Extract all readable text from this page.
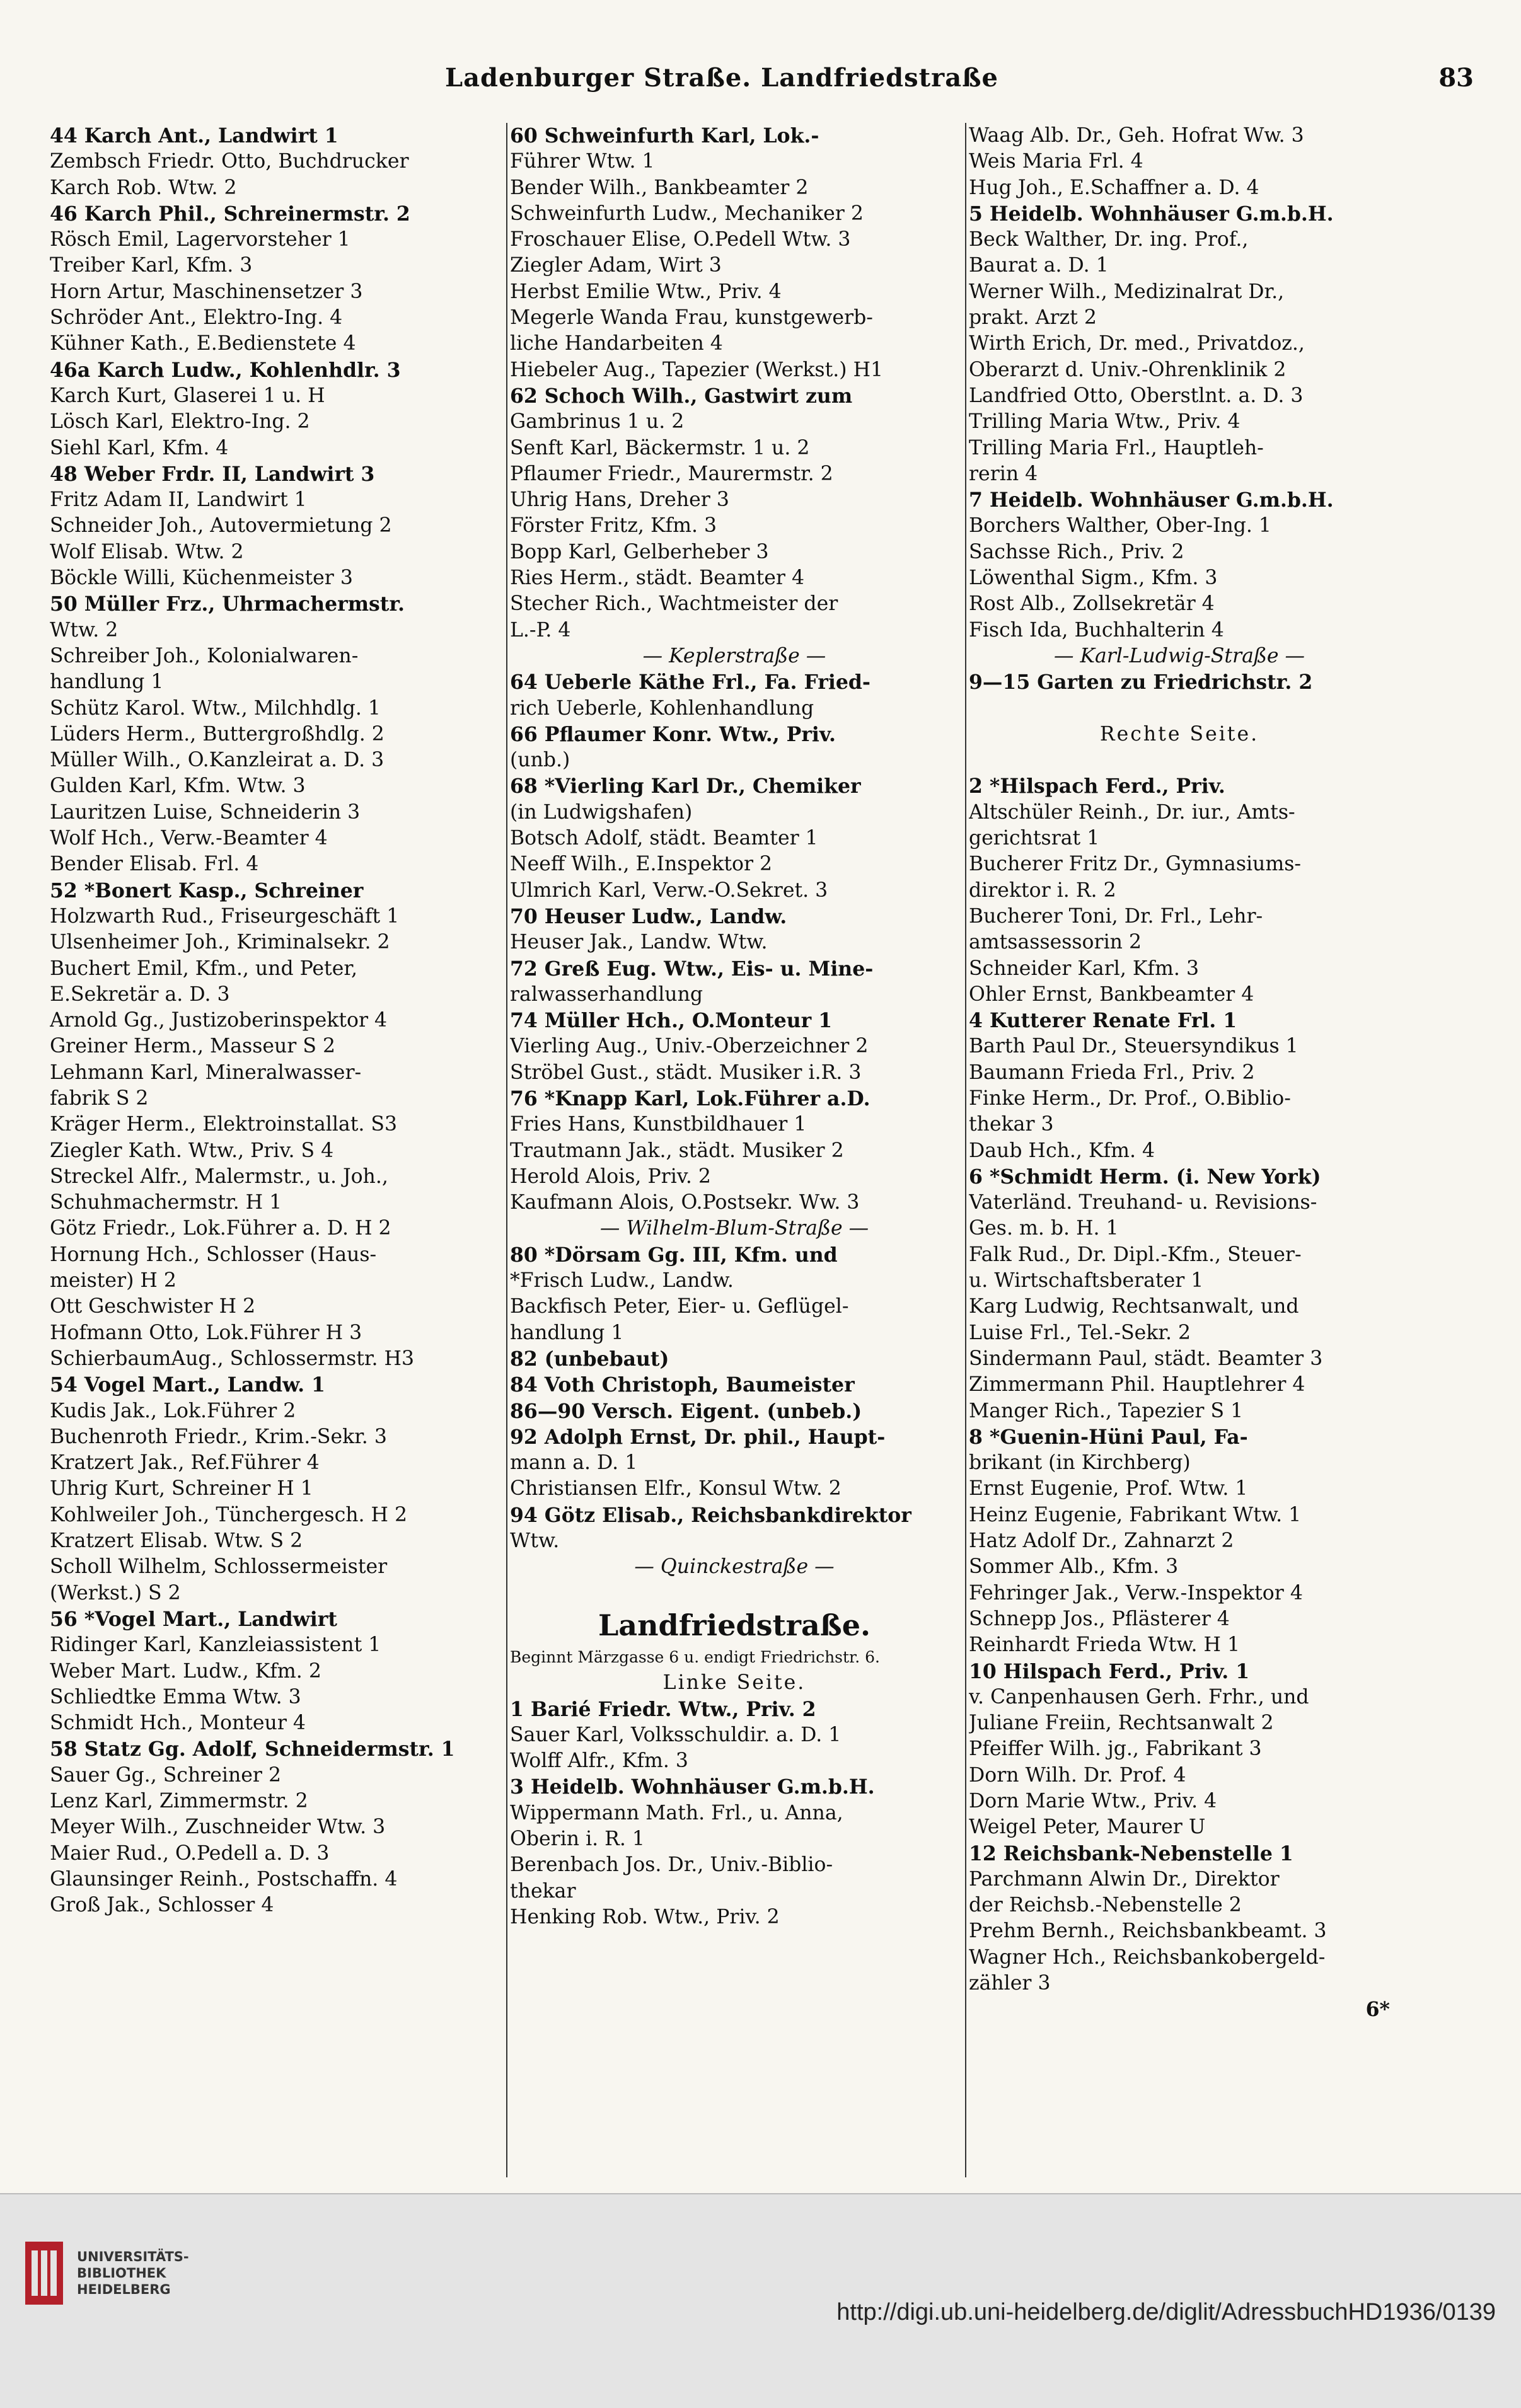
Ladenburger Straße. Landfriedstraße	83
44 Karch Ant., Landwirt 1
Zembsch Friedr. Otto, Buchdrucker
Karch Rob. Wtw. 2
46 Karch Phil., Schreinermstr. 2
Rösch Emil, Lagervorsteher 1
Treiber Karl, Kfm. 3
Horn Artur, Maschinensetzer 3
Schröder Ant., Elektro-Ing. 4
Kühner Kath., E.Bedienstete 4
46a Karch Ludw., Kohlenhdlr. 3
Karch Kurt, Glaserei 1 u. H
Lösch Karl, Elektro-Ing. 2
Siehl Karl, Kfm. 4
48 Weber Frdr. II, Landwirt 3
Fritz Adam II, Landwirt 1
Schneider Joh., Autovermietung 2
Wolf Elisab. Wtw. 2
Böckle Willi, Küchenmeister 3
50 Müller Frz., Uhrmachermstr.
Wtw. 2
Schreiber Joh., Kolonialwaren-
handlung 1
Schütz Karol. Wtw., Milchhdlg. 1
Lüders Herm., Buttergroßhdlg. 2
Müller Wilh., O.Kanzleirat a. D. 3
Gulden Karl, Kfm. Wtw. 3
Lauritzen Luise, Schneiderin 3
Wolf Hch., Verw.-Beamter 4
Bender Elisab. Frl. 4
52 *Bonert Kasp., Schreiner
Holzwarth Rud., Friseurgeschäft 1
Ulsenheimer Joh., Kriminalsekr. 2
Buchert Emil, Kfm., und Peter,
E.Sekretär a. D. 3
Arnold Gg., Justizoberinspektor 4
Greiner Herm., Masseur S 2
Lehmann Karl, Mineralwasser-
fabrik S 2
Kräger Herm., Elektroinstallat. S3
Ziegler Kath. Wtw., Priv. S 4
Streckel Alfr., Malermstr., u. Joh.,
Schuhmachermstr. H 1
Götz Friedr., Lok.Führer a. D. H 2
Hornung Hch., Schlosser (Haus-
meister) H 2
Ott Geschwister H 2
Hofmann Otto, Lok.Führer H 3
SchierbaumAug., Schlossermstr. H3
54 Vogel Mart., Landw. 1
Kudis Jak., Lok.Führer 2
Buchenroth Friedr., Krim.-Sekr. 3
Kratzert Jak., Ref.Führer 4
Uhrig Kurt, Schreiner H 1
Kohlweiler Joh., Tünchergesch. H 2
Kratzert Elisab. Wtw. S 2
Scholl Wilhelm, Schlossermeister
(Werkst.) S 2
56 *Vogel Mart., Landwirt
Ridinger Karl, Kanzleiassistent 1
Weber Mart. Ludw., Kfm. 2
Schliedtke Emma Wtw. 3
Schmidt Hch., Monteur 4
58 Statz Gg. Adolf, Schneidermstr. 1
Sauer Gg., Schreiner 2
Lenz Karl, Zimmermstr. 2
Meyer Wilh., Zuschneider Wtw. 3
Maier Rud., O.Pedell a. D. 3
Glaunsinger Reinh., Postschaffn. 4
Groß Jak., Schlosser 4
60 Schweinfurth Karl, Lok.-
Führer Wtw. 1
Bender Wilh., Bankbeamter 2
Schweinfurth Ludw., Mechaniker 2
Froschauer Elise, O.Pedell Wtw. 3
Ziegler Adam, Wirt 3
Herbst Emilie Wtw., Priv. 4
Megerle Wanda Frau, kunstgewerb-
liche Handarbeiten 4
Hiebeler Aug., Tapezier (Werkst.) H1
62 Schoch Wilh., Gastwirt zum
Gambrinus 1 u. 2
Senft Karl, Bäckermstr. 1 u. 2
Pflaumer Friedr., Maurermstr. 2
Uhrig Hans, Dreher 3
Förster Fritz, Kfm. 3
Bopp Karl, Gelberheber 3
Ries Herm., städt. Beamter 4
Stecher Rich., Wachtmeister der
L.-P. 4
— Keplerstraße —
64 Ueberle Käthe Frl., Fa. Fried-
rich Ueberle, Kohlenhandlung
66 Pflaumer Konr. Wtw., Priv.
(unb.)
68 *Vierling Karl Dr., Chemiker
(in Ludwigshafen)
Botsch Adolf, städt. Beamter 1
Neeff Wilh., E.Inspektor 2
Ulmrich Karl, Verw.-O.Sekret. 3
70 Heuser Ludw., Landw.
Heuser Jak., Landw. Wtw.
72 Greß Eug. Wtw., Eis- u. Mine-
ralwasserhandlung
74 Müller Hch., O.Monteur 1
Vierling Aug., Univ.-Oberzeichner 2
Ströbel Gust., städt. Musiker i.R. 3
76 *Knapp Karl, Lok.Führer a.D.
Fries Hans, Kunstbildhauer 1
Trautmann Jak., städt. Musiker 2
Herold Alois, Priv. 2
Kaufmann Alois, O.Postsekr. Ww. 3
— Wilhelm-Blum-Straße —
80 *Dörsam Gg. III, Kfm. und
*Frisch Ludw., Landw.
Backfisch Peter, Eier- u. Geflügel-
handlung 1
82 (unbebaut)
84 Voth Christoph, Baumeister
86—90 Versch. Eigent. (unbeb.)
92 Adolph Ernst, Dr. phil., Haupt-
mann a. D. 1
Christiansen Elfr., Konsul Wtw. 2
94 Götz Elisab., Reichsbankdirektor
Wtw.
— Quinckestraße —
Landfriedstraße.
Beginnt Märzgasse 6 u. endigt Friedrichstr. 6.
Linke Seite.
1 Barié Friedr. Wtw., Priv. 2
Sauer Karl, Volksschuldir. a. D. 1
Wolff Alfr., Kfm. 3
3 Heidelb. Wohnhäuser G.m.b.H.
Wippermann Math. Frl., u. Anna,
Oberin i. R. 1
Berenbach Jos. Dr., Univ.-Biblio-
thekar
Henking Rob. Wtw., Priv. 2
Waag Alb. Dr., Geh. Hofrat Ww. 3
Weis Maria Frl. 4
Hug Joh., E.Schaffner a. D. 4
5 Heidelb. Wohnhäuser G.m.b.H.
Beck Walther, Dr. ing. Prof.,
Baurat a. D. 1
Werner Wilh., Medizinalrat Dr.,
prakt. Arzt 2
Wirth Erich, Dr. med., Privatdoz.,
Oberarzt d. Univ.-Ohrenklinik 2
Landfried Otto, Oberstlnt. a. D. 3
Trilling Maria Wtw., Priv. 4
Trilling Maria Frl., Hauptleh-
rerin 4
7 Heidelb. Wohnhäuser G.m.b.H.
Borchers Walther, Ober-Ing. 1
Sachsse Rich., Priv. 2
Löwenthal Sigm., Kfm. 3
Rost Alb., Zollsekretär 4
Fisch Ida, Buchhalterin 4
— Karl-Ludwig-Straße —
9—15 Garten zu Friedrichstr. 2
Rechte Seite.
2 *Hilspach Ferd., Priv.
Altschüler Reinh., Dr. iur., Amts-
gerichtsrat 1
Bucherer Fritz Dr., Gymnasiums-
direktor i. R. 2
Bucherer Toni, Dr. Frl., Lehr-
amtsassessorin 2
Schneider Karl, Kfm. 3
Ohler Ernst, Bankbeamter 4
4 Kutterer Renate Frl. 1
Barth Paul Dr., Steuersyndikus 1
Baumann Frieda Frl., Priv. 2
Finke Herm., Dr. Prof., O.Biblio-
thekar 3
Daub Hch., Kfm. 4
6 *Schmidt Herm. (i. New York)
Vaterländ. Treuhand- u. Revisions-
Ges. m. b. H. 1
Falk Rud., Dr. Dipl.-Kfm., Steuer-
u. Wirtschaftsberater 1
Karg Ludwig, Rechtsanwalt, und
Luise Frl., Tel.-Sekr. 2
Sindermann Paul, städt. Beamter 3
Zimmermann Phil. Hauptlehrer 4
Manger Rich., Tapezier S 1
8 *Guenin-Hüni Paul, Fa-
brikant (in Kirchberg)
Ernst Eugenie, Prof. Wtw. 1
Heinz Eugenie, Fabrikant Wtw. 1
Hatz Adolf Dr., Zahnarzt 2
Sommer Alb., Kfm. 3
Fehringer Jak., Verw.-Inspektor 4
Schnepp Jos., Pflästerer 4
Reinhardt Frieda Wtw. H 1
10 Hilspach Ferd., Priv. 1
v. Canpenhausen Gerh. Frhr., und
Juliane Freiin, Rechtsanwalt 2
Pfeiffer Wilh. jg., Fabrikant 3
Dorn Wilh. Dr. Prof. 4
Dorn Marie Wtw., Priv. 4
Weigel Peter, Maurer U
12 Reichsbank-Nebenstelle 1
Parchmann Alwin Dr., Direktor
der Reichsb.-Nebenstelle 2
Prehm Bernh., Reichsbankbeamt. 3
Wagner Hch., Reichsbankobergeld-
zähler 3
6*
UNIVERSITÄTS-BIBLIOTHEK HEIDELBERG
http://digi.ub.uni-heidelberg.de/diglit/AdressbuchHD1936/0139
